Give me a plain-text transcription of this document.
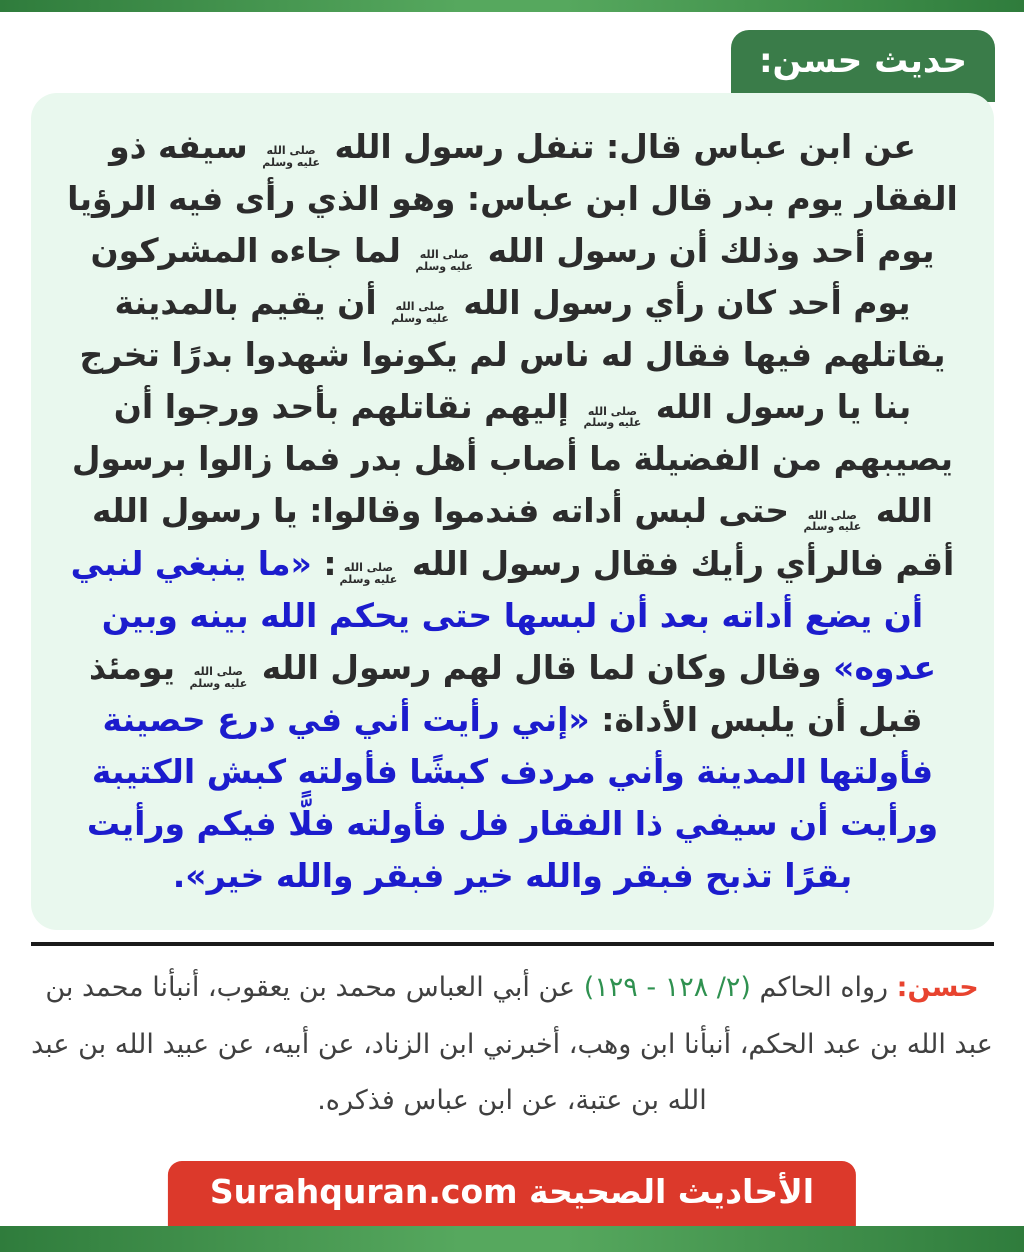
حديث حسن:

عن ابن عباس قال: تنفل رسول الله
صلى الله
عليه وسلم
سيفه ذو الفقار يوم بدر قال ابن عباس: وهو الذي رأى فيه الرؤيا يوم أحد وذلك أن رسول الله
صلى الله
عليه وسلم
لما جاءه المشركون يوم أحد كان رأي رسول الله
صلى الله
عليه وسلم
أن يقيم بالمدينة يقاتلهم فيها فقال له ناس لم يكونوا شهدوا بدرًا تخرج بنا يا رسول الله
صلى الله
عليه وسلم
إليهم نقاتلهم بأحد ورجوا أن يصيبهم من الفضيلة ما أصاب أهل بدر فما زالوا برسول الله
صلى الله
عليه وسلم
حتى لبس أداته فندموا وقالوا: يا رسول الله أقم فالرأي رأيك فقال رسول الله
صلى الله
عليه وسلم
: «ما ينبغي لنبي أن يضع أداته بعد أن لبسها حتى يحكم الله بينه وبين عدوه» وقال وكان لما قال لهم رسول الله
صلى الله
عليه وسلم
يومئذ قبل أن يلبس الأداة: «إني رأيت أني في درع حصينة فأولتها المدينة وأني مردف كبشًا فأولته كبش الكتيبة ورأيت أن سيفي ذا الفقار فل فأولته فلًّا فيكم ورأيت بقرًا تذبح فبقر والله خير فبقر والله خير».

حسن: رواه الحاكم (٢/ ١٢٨ - ١٢٩) عن أبي العباس محمد بن يعقوب، أنبأنا محمد بن عبد الله بن عبد الحكم، أنبأنا ابن وهب، أخبرني ابن الزناد، عن أبيه، عن عبيد الله بن عبد الله بن عتبة، عن ابن عباس فذكره.

الأحاديث الصحيحة Surahquran.com
